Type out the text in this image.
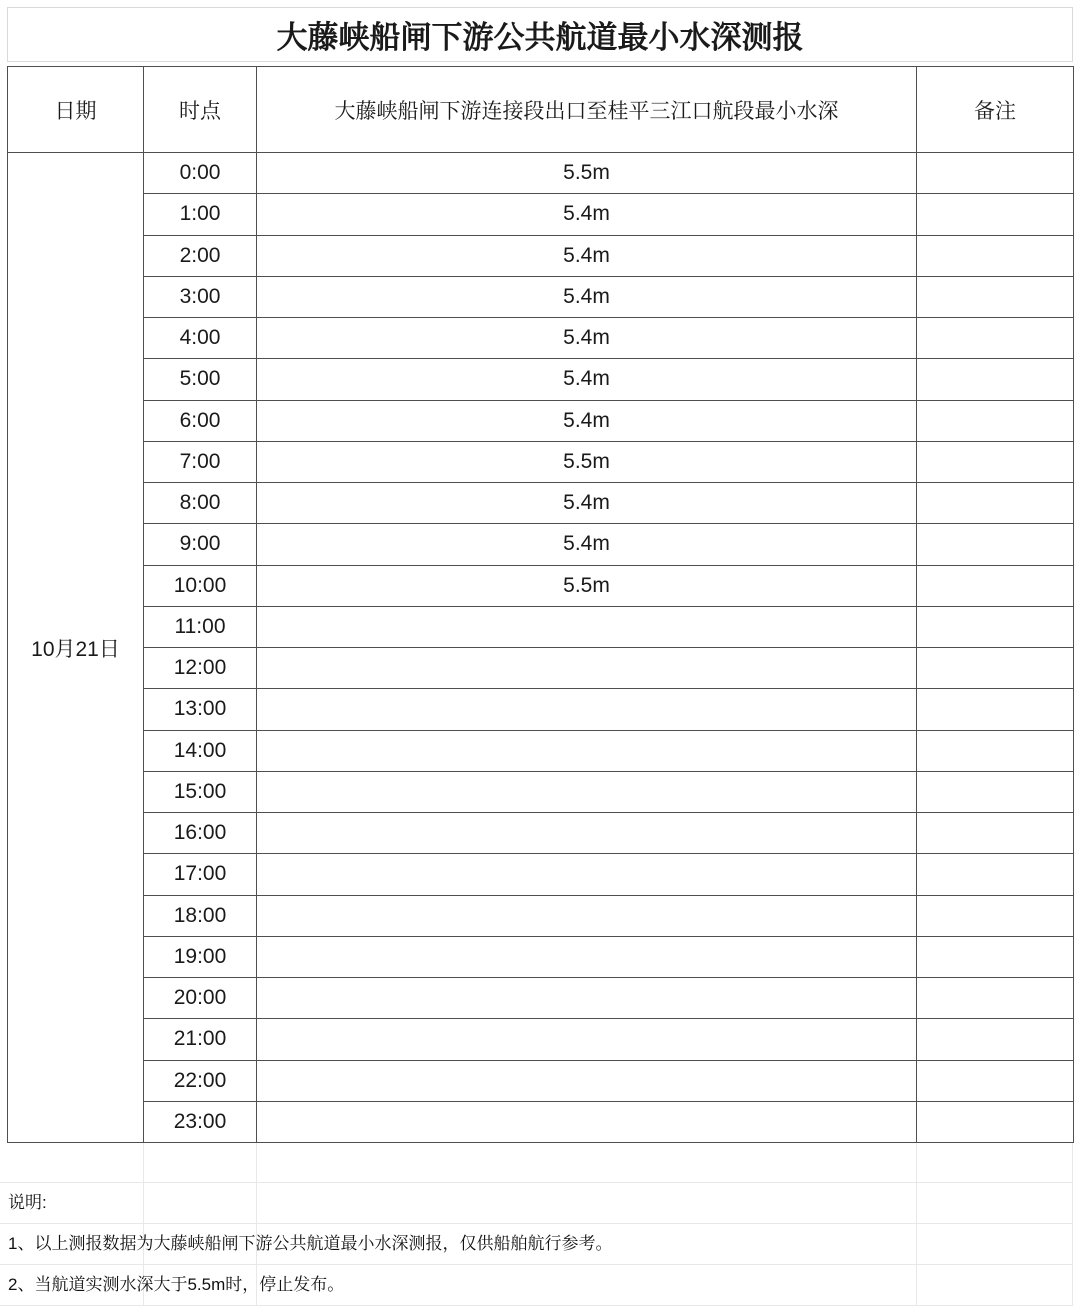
大藤峡船闸下游公共航道最小水深测报
日期	时点	大藤峡船闸下游连接段出口至桂平三江口航段最小水深	备注
10月21日	0:00	5.5m	
	1:00	5.4m	
	2:00	5.4m	
	3:00	5.4m	
	4:00	5.4m	
	5:00	5.4m	
	6:00	5.4m	
	7:00	5.5m	
	8:00	5.4m	
	9:00	5.4m	
	10:00	5.5m	
	11:00		
	12:00		
	13:00		
	14:00		
	15:00		
	16:00		
	17:00		
	18:00		
	19:00		
	20:00		
	21:00		
	22:00		
	23:00		
说明:
1、以上测报数据为大藤峡船闸下游公共航道最小水深测报，仅供船舶航行参考。
2、当航道实测水深大于5.5m时，停止发布。
